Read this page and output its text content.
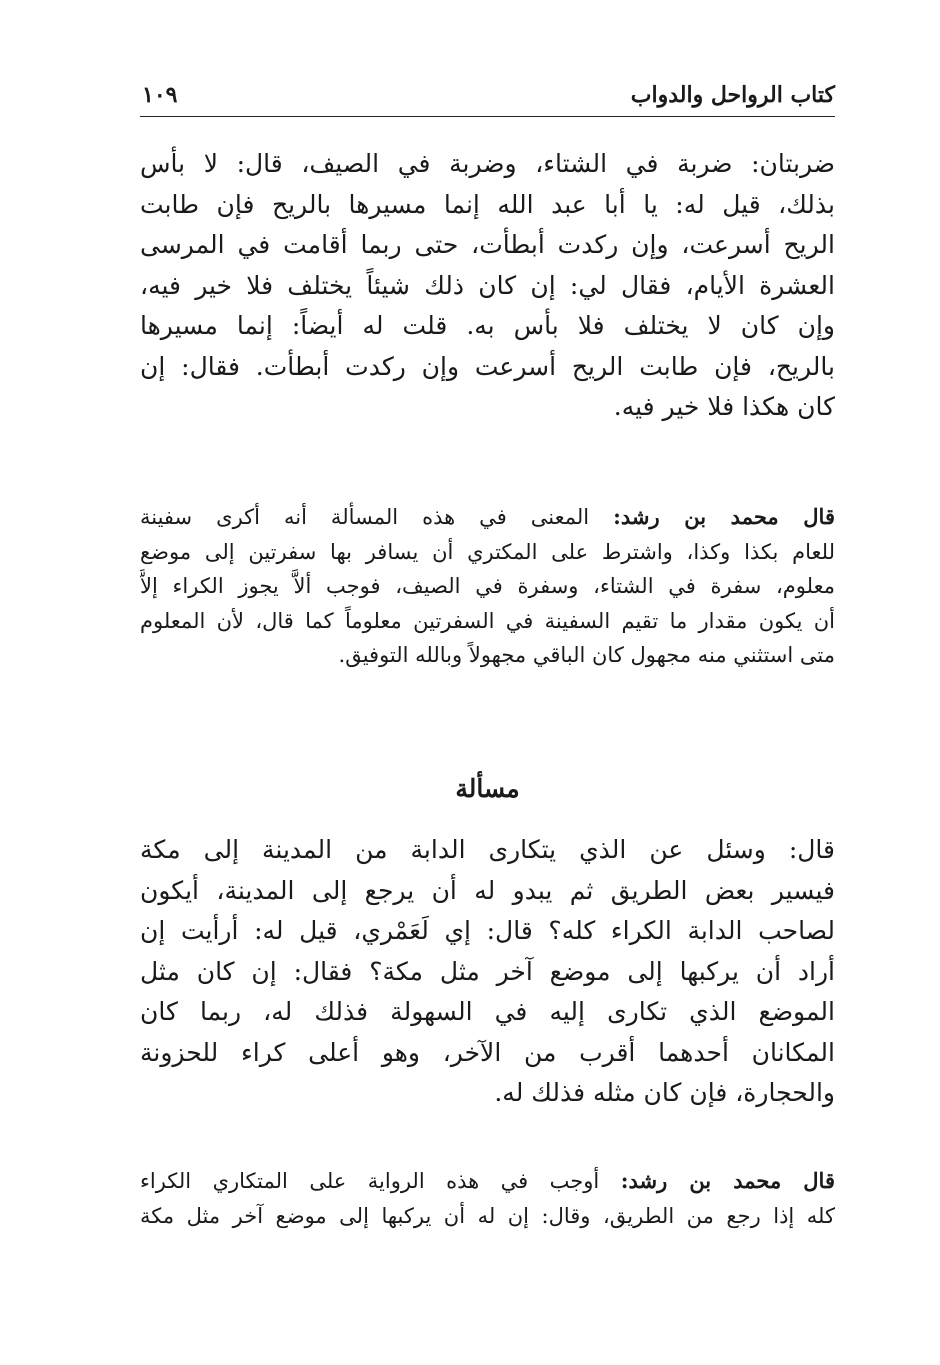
كتاب الرواحل والدواب
١٠٩
ضربتان: ضربة في الشتاء، وضربة في الصيف، قال: لا بأس
بذلك، قيل له: يا أبا عبد الله إنما مسيرها بالريح فإن طابت
الريح أسرعت، وإن ركدت أبطأت، حتى ربما أقامت في المرسى
العشرة الأيام، فقال لي: إن كان ذلك شيئاً يختلف فلا خير فيه،
وإن كان لا يختلف فلا بأس به. قلت له أيضاً: إنما مسيرها
بالريح، فإن طابت الريح أسرعت وإن ركدت أبطأت. فقال: إن
كان هكذا فلا خير فيه.
قال محمد بن رشد: المعنى في هذه المسألة أنه أكرى سفينة
للعام بكذا وكذا، واشترط على المكتري أن يسافر بها سفرتين إلى موضع
معلوم، سفرة في الشتاء، وسفرة في الصيف، فوجب ألاَّ يجوز الكراء إلاَّ
أن يكون مقدار ما تقيم السفينة في السفرتين معلوماً كما قال، لأن المعلوم
متى استثني منه مجهول كان الباقي مجهولاً وبالله التوفيق.
مسألة
قال: وسئل عن الذي يتكارى الدابة من المدينة إلى مكة
فيسير بعض الطريق ثم يبدو له أن يرجع إلى المدينة، أيكون
لصاحب الدابة الكراء كله؟ قال: إي لَعَمْري، قيل له: أرأيت إن
أراد أن يركبها إلى موضع آخر مثل مكة؟ فقال: إن كان مثل
الموضع الذي تكارى إليه في السهولة فذلك له، ربما كان
المكانان أحدهما أقرب من الآخر، وهو أعلى كراء للحزونة
والحجارة، فإن كان مثله فذلك له.
قال محمد بن رشد: أوجب في هذه الرواية على المتكاري الكراء
كله إذا رجع من الطريق، وقال: إن له أن يركبها إلى موضع آخر مثل مكة
